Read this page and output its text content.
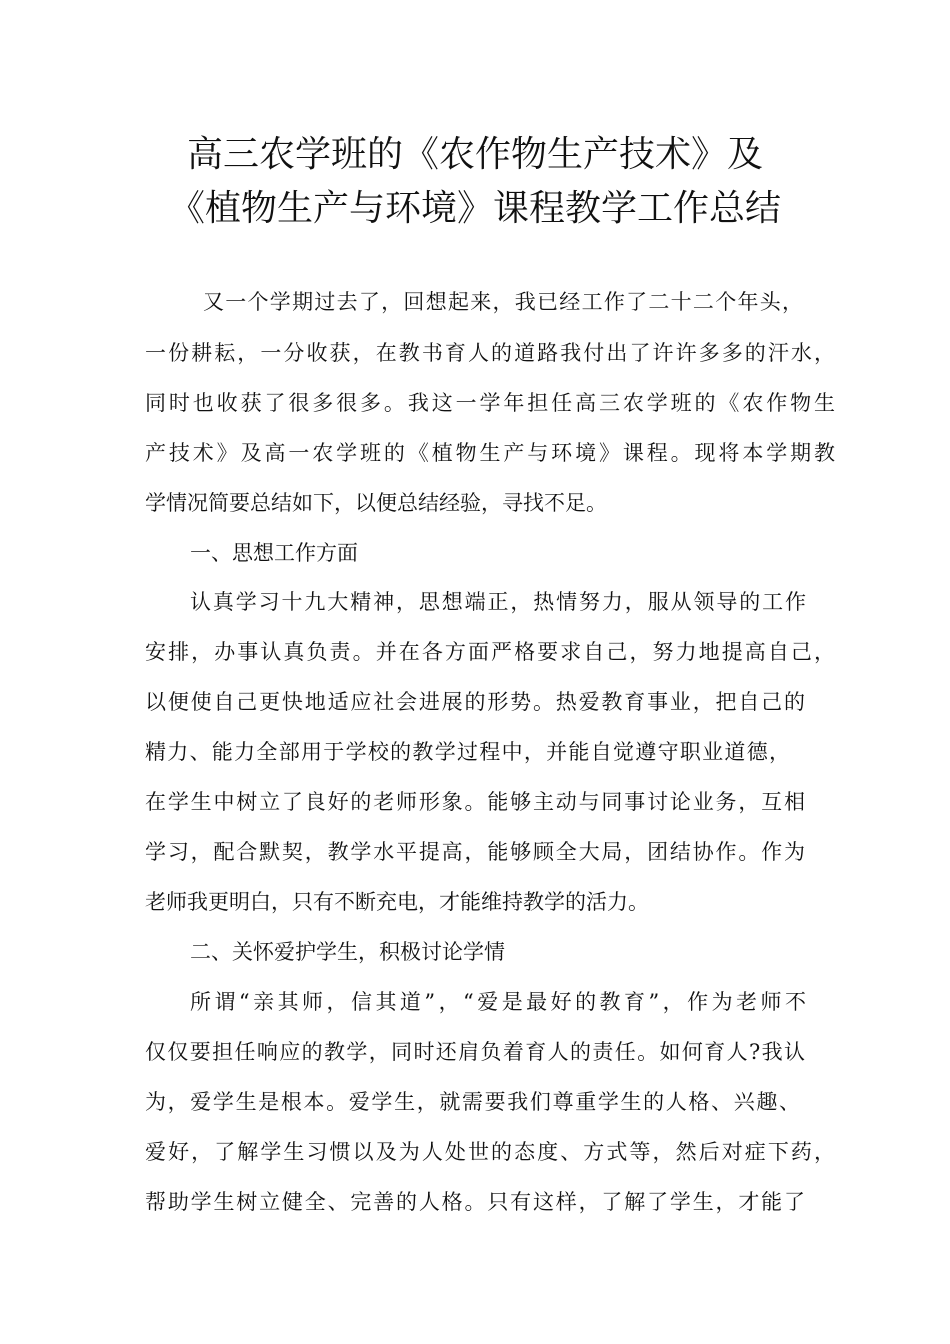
高三农学班的《农作物生产技术》及
《植物生产与环境》课程教学工作总结
又一个学期过去了，回想起来，我已经工作了二十二个年头，
一份耕耘，一分收获，在教书育人的道路我付出了许许多多的汗水，
同时也收获了很多很多。我这一学年担任高三农学班的《农作物生
产技术》及高一农学班的《植物生产与环境》课程。现将本学期教
学情况简要总结如下，以便总结经验，寻找不足。
一、思想工作方面
认真学习十九大精神，思想端正，热情努力，服从领导的工作
安排，办事认真负责。并在各方面严格要求自己，努力地提高自己，
以便使自己更快地适应社会进展的形势。热爱教育事业，把自己的
精力、能力全部用于学校的教学过程中，并能自觉遵守职业道德，
在学生中树立了良好的老师形象。能够主动与同事讨论业务，互相
学习，配合默契，教学水平提高，能够顾全大局，团结协作。作为
老师我更明白，只有不断充电，才能维持教学的活力。
二、关怀爱护学生，积极讨论学情
所谓“亲其师，信其道”，“爱是最好的教育”，作为老师不
仅仅要担任响应的教学，同时还肩负着育人的责任。如何育人?我认
为，爱学生是根本。爱学生，就需要我们尊重学生的人格、兴趣、
爱好，了解学生习惯以及为人处世的态度、方式等，然后对症下药，
帮助学生树立健全、完善的人格。只有这样，了解了学生，才能了
